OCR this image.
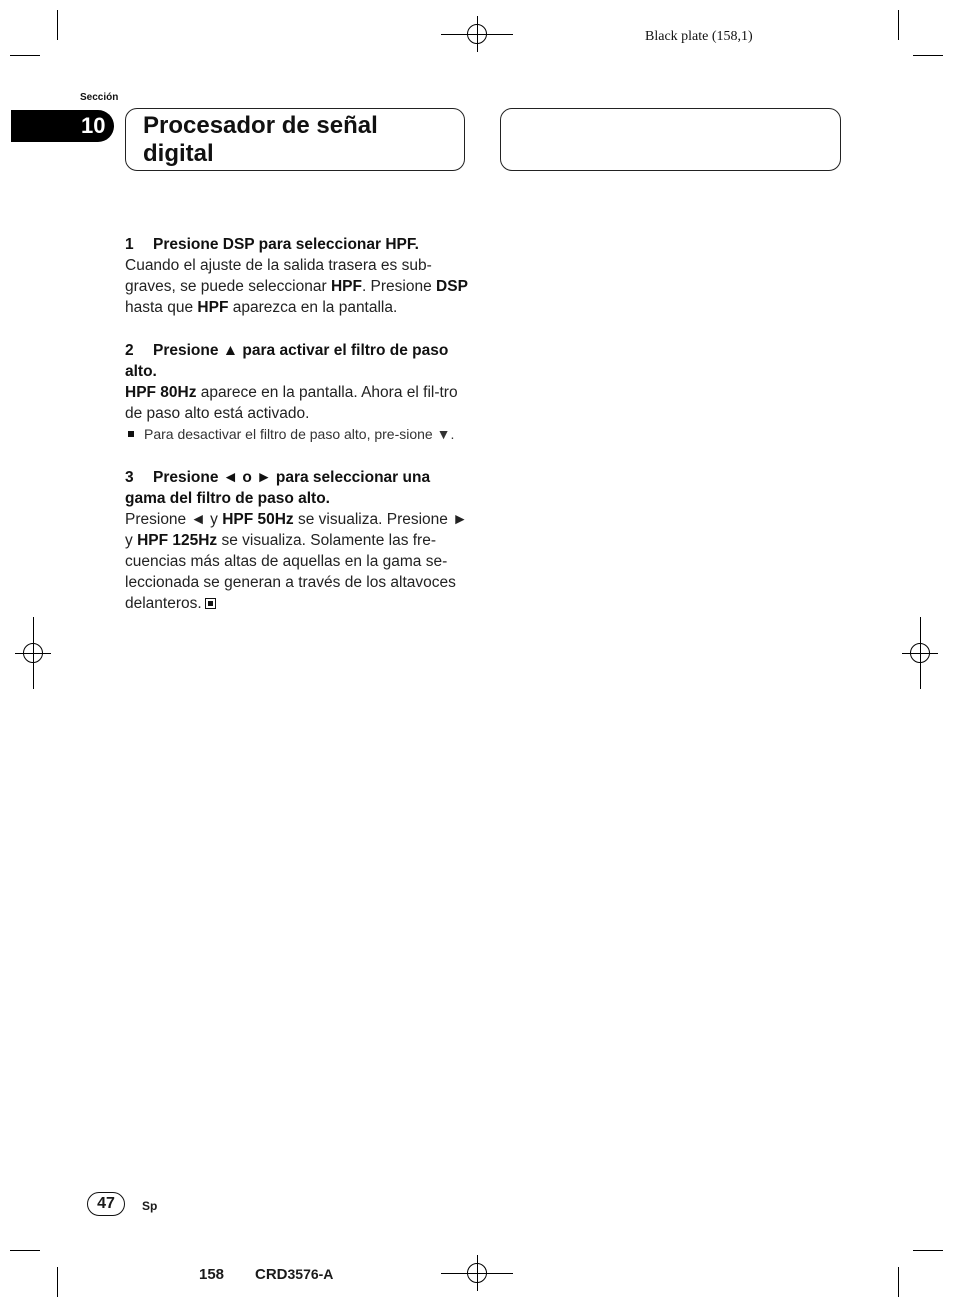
Black plate (158,1)
Sección
10 Procesador de señal digital
1 Presione DSP para seleccionar HPF.
Cuando el ajuste de la salida trasera es sub-graves, se puede seleccionar HPF. Presione DSP hasta que HPF aparezca en la pantalla.
2 Presione ▲ para activar el filtro de paso alto.
HPF 80Hz aparece en la pantalla. Ahora el fil-tro de paso alto está activado.
Para desactivar el filtro de paso alto, pre-sione ▼.
3 Presione ◄ o ► para seleccionar una gama del filtro de paso alto.
Presione ◄ y HPF 50Hz se visualiza. Presione ► y HPF 125Hz se visualiza. Solamente las fre-cuencias más altas de aquellas en la gama se-leccionada se generan a través de los altavoces delanteros.
47	Sp
158 CRD3576-A
